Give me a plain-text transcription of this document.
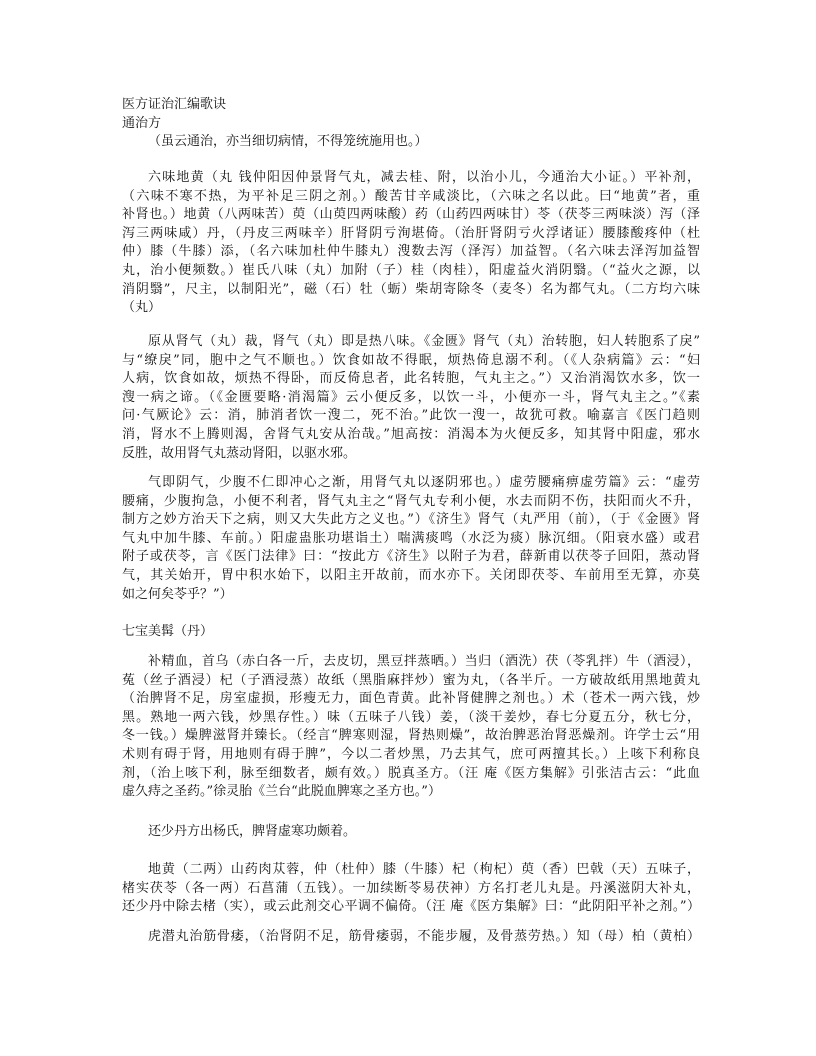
医方证治汇编歌诀
通治方
（虽云通治，亦当细切病情，不得笼统施用也。）
六味地黄（丸 钱仲阳因仲景肾气丸，减去桂、附，以治小儿，今通治大小证。）平补剂，
（六味不寒不热，为平补足三阴之剂。）酸苦甘辛咸淡比，（六味之名以此。曰“地黄”者，重
补肾也。）地黄（八两味苦）萸（山萸四两味酸）药（山药四两味甘）苓（茯苓三两味淡）泻（泽
泻三两味咸）丹，（丹皮三两味辛）肝肾阴亏洵堪倚。（治肝肾阴亏火浮诸证）腰膝酸疼仲（杜
仲）膝（牛膝）添，（名六味加杜仲牛膝丸）溲数去泻（泽泻）加益智。（名六味去泽泻加益智
丸，治小便频数。）崔氏八味（丸）加附（子）桂（肉桂），阳虚益火消阴翳。（“益火之源，以
消阴翳”，尺主，以制阳光”，磁（石）牡（蛎）柴胡寄除冬（麦冬）名为都气丸。（二方均六味
（丸）
原从肾气（丸）裁，肾气（丸）即是热八味。《金匮》肾气（丸）治转胞，妇人转胞系了戾”
与“缭戾”同，胞中之气不顺也。）饮食如故不得眠，烦热倚息溺不利。（《人杂病篇》云：“妇
人病，饮食如故，烦热不得卧，而反倚息者，此名转胞，气丸主之。”）又治消渴饮水多，饮一
溲一病之谛。（《金匮要略·消渴篇》云小便反多，以饮一斗，小便亦一斗，肾气丸主之。”《素
问·气厥论》云：消，肺消者饮一溲二，死不治。”此饮一溲一，故犹可救。喻嘉言《医门趋则
消，肾水不上腾则渴，舍肾气丸安从治哉。”旭高按：消渴本为火便反多，知其肾中阳虚，邪水
反胜，故用肾气丸蒸动肾阳，以驱水邪。
气即阴气，少腹不仁即冲心之渐，用肾气丸以逐阴邪也。）虚劳腰痛痹虚劳篇》云：“虚劳
腰痛，少腹拘急，小便不利者，肾气丸主之“肾气丸专利小便，水去而阴不伤，扶阳而火不升，
制方之妙方治天下之病，则又大失此方之义也。”）《济生》肾气（丸严用（前），（于《金匮》肾
气丸中加牛膝、车前。）阳虚蛊胀功堪诣土）喘满痰鸣（水泛为痰）脉沉细。（阳衰水盛）或君
附子或茯苓，言《医门法律》曰：“按此方《济生》以附子为君，薛新甫以茯苓子回阳，蒸动肾
气，其关始开，胃中积水始下，以阳主开故前，而水亦下。关闭即茯苓、车前用至无算，亦莫
如之何矣苓乎？”）
七宝美髯（丹）
补精血，首乌（赤白各一斤，去皮切，黑豆拌蒸晒。）当归（酒洗）茯（苓乳拌）牛（酒浸），
菟（丝子酒浸）杞（子酒浸蒸）故纸（黑脂麻拌炒）蜜为丸，（各半斤。一方破故纸用黑地黄丸
（治脾肾不足，房室虚损，形瘦无力，面色青黄。此补肾健脾之剂也。）术（苍术一两六钱，炒
黑。熟地一两六钱，炒黑存性。）味（五味子八钱）姜，（淡干姜炒，春七分夏五分，秋七分，
冬一钱。）燥脾滋肾并臻长。（经言“脾寒则湿，肾热则燥”，故治脾恶治肾恶燥剂。许学士云“用
术则有碍于肾，用地则有碍于脾”，今以二者炒黑，乃去其气，庶可两擅其长。）上咳下利称良
剂，（治上咳下利，脉至细数者，颇有效。）脱真圣方。（汪 庵《医方集解》引张洁古云：“此血
虚久痔之圣药。”徐灵胎《兰台“此脱血脾寒之圣方也。”）
还少丹方出杨氏，脾肾虚寒功颇着。
地黄（二两）山药肉苁蓉，仲（杜仲）膝（牛膝）杞（枸杞）萸（香）巴戟（天）五味子，
楮实茯苓（各一两）石菖蒲（五钱）。一加续断苓易茯神）方名打老儿丸是。丹溪滋阴大补丸，
还少丹中除去楮（实），或云此剂交心平调不偏倚。（汪 庵《医方集解》曰：“此阴阳平补之剂。”）
虎潜丸治筋骨痿，（治肾阴不足，筋骨痿弱，不能步履，及骨蒸劳热。）知（母）柏（黄柏）
